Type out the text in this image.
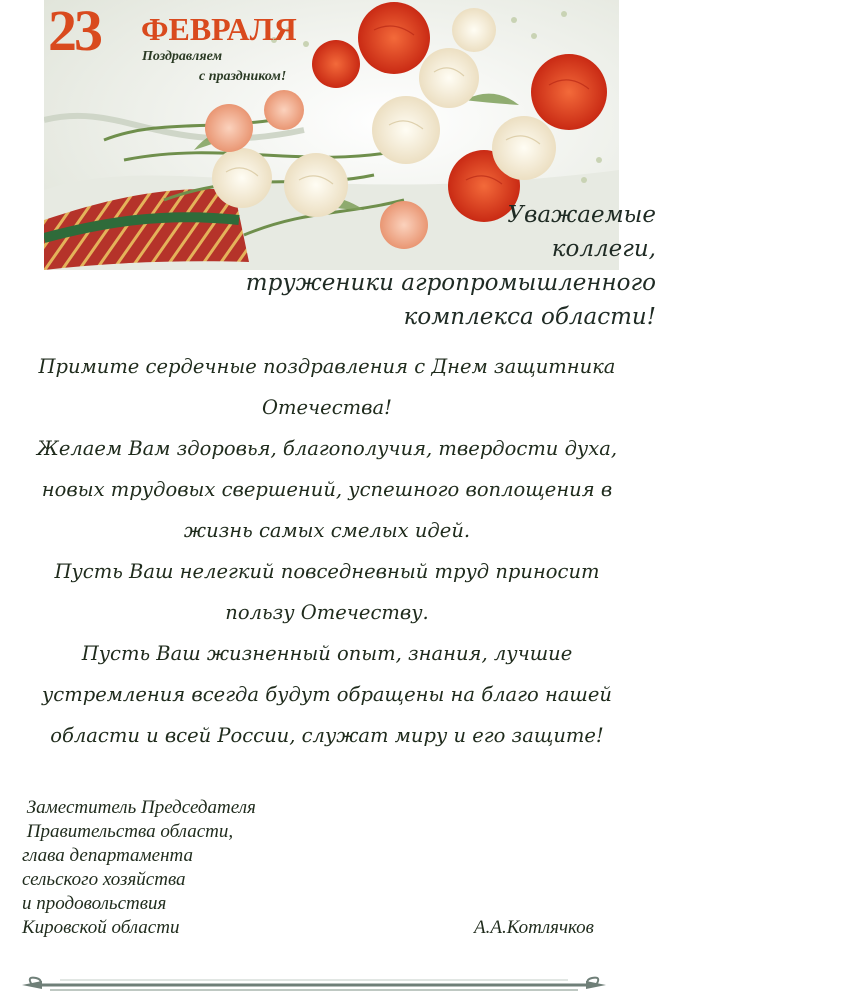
23 ФЕВРАЛЯ
Поздравляем
с праздником!
Уважаемые
коллеги,
труженики агропромышленного
комплекса области!
Примите сердечные поздравления с Днем защитника
Отечества!
Желаем Вам здоровья, благополучия, твердости духа,
новых трудовых свершений, успешного воплощения в
жизнь самых смелых идей.
Пусть Ваш нелегкий повседневный труд приносит
пользу Отечеству.
Пусть Ваш жизненный опыт, знания, лучшие
устремления всегда будут обращены на благо нашей
области и всей России, служат миру и его защите!
Заместитель Председателя
Правительства области,
глава департамента
сельского хозяйства
и продовольствия
Кировской области	А.А.Котлячков
